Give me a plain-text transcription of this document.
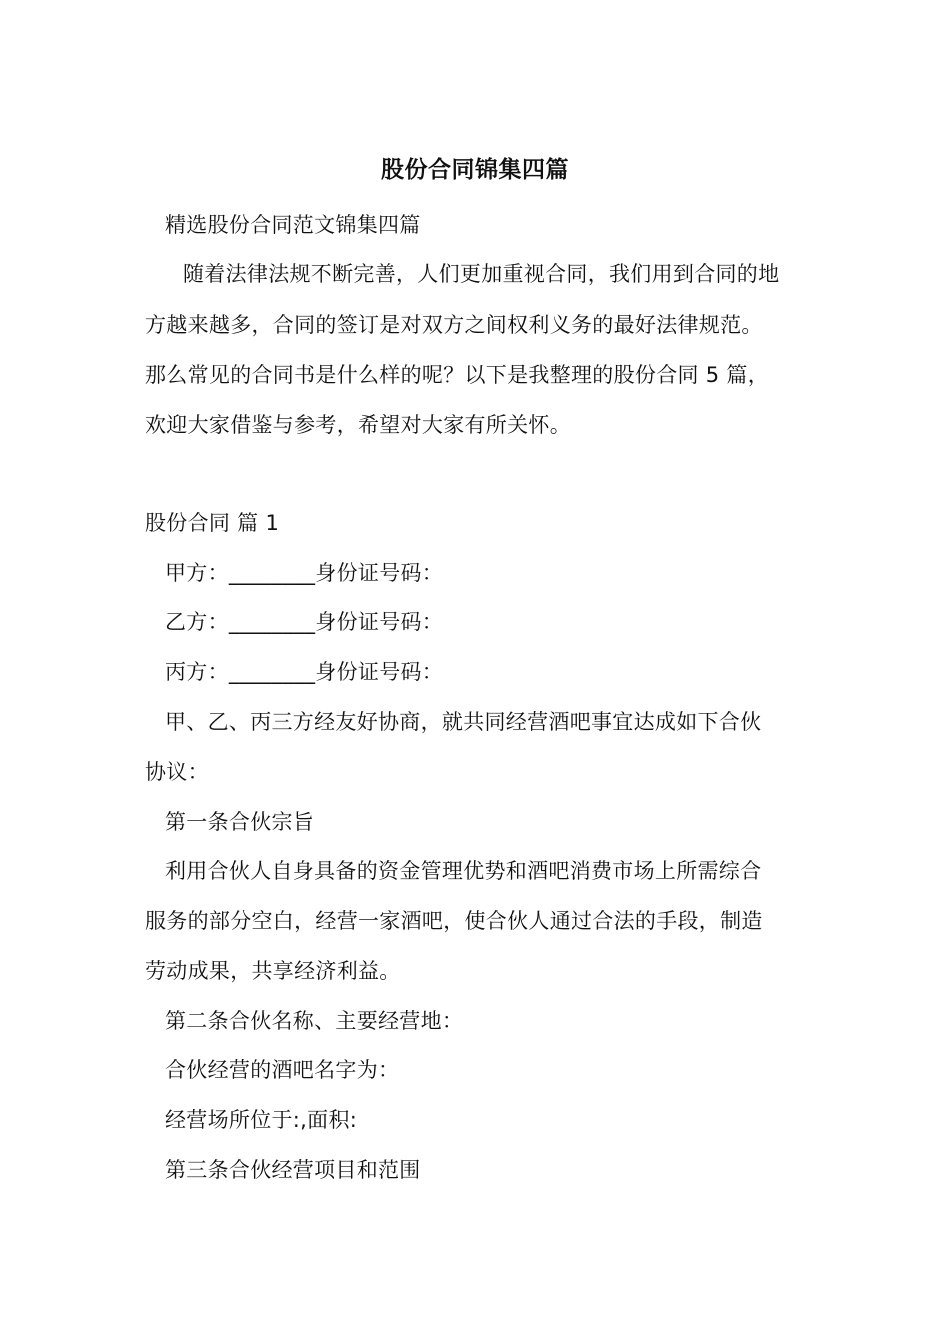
股份合同锦集四篇
精选股份合同范文锦集四篇
随着法律法规不断完善，人们更加重视合同，我们用到合同的地
方越来越多，合同的签订是对双方之间权利义务的最好法律规范。
那么常见的合同书是什么样的呢？以下是我整理的股份合同 5 篇，
欢迎大家借鉴与参考，希望对大家有所关怀。
股份合同 篇 1
甲方：________身份证号码：
乙方：________身份证号码：
丙方：________身份证号码：
甲、乙、丙三方经友好协商，就共同经营酒吧事宜达成如下合伙
协议：
第一条合伙宗旨
利用合伙人自身具备的资金管理优势和酒吧消费市场上所需综合
服务的部分空白，经营一家酒吧，使合伙人通过合法的手段，制造
劳动成果，共享经济利益。
第二条合伙名称、主要经营地：
合伙经营的酒吧名字为：
经营场所位于:,面积:
第三条合伙经营项目和范围
